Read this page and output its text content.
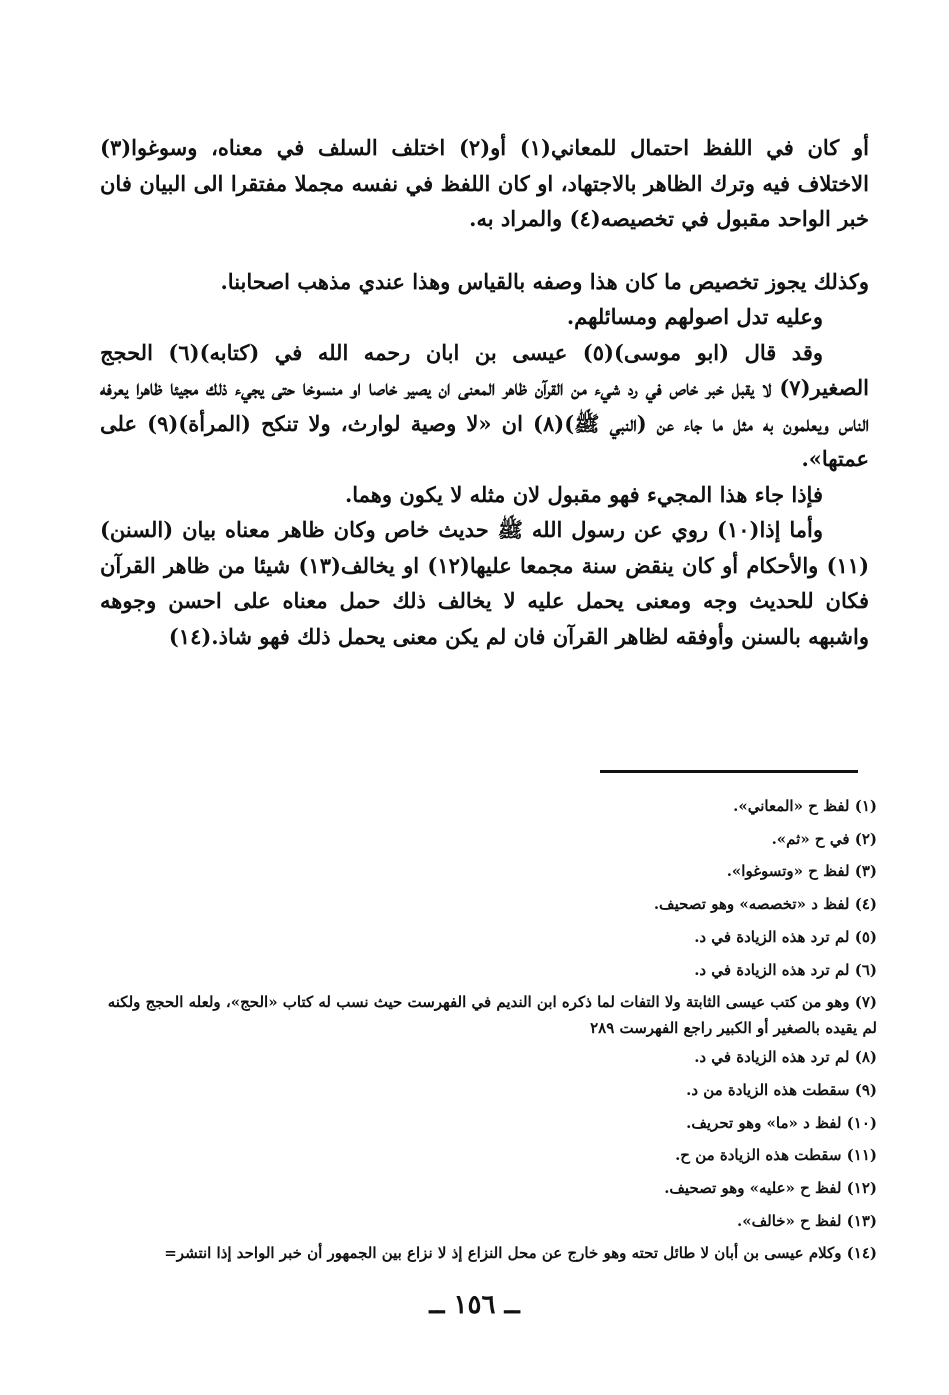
أو كان في اللفظ احتمال للمعاني(١) أو(٢) اختلف السلف في معناه، وسوغوا(٣) الاختلاف فيه وترك الظاهر بالاجتهاد، او كان اللفظ في نفسه مجملا مفتقرا الى البيان فان خبر الواحد مقبول في تخصيصه(٤) والمراد به.

وكذلك يجوز تخصيص ما كان هذا وصفه بالقياس وهذا عندي مذهب اصحابنا.

وعليه تدل اصولهم ومسائلهم.

وقد قال (ابو موسى)(٥) عيسى بن ابان رحمه الله في (كتابه)(٦) الحجج الصغير(٧) لا يقبل خبر خاص في رد شيء من القرآن ظاهر المعنى ان يصير خاصا او منسوخا حتى يجيء ذلك مجيئا ظاهرا يعرفه الناس ويعلمون به مثل ما جاء عن (النبي ﷺ)(٨) ان «لا وصية لوارث، ولا تنكح (المرأة)(٩) على عمتها».

فإذا جاء هذا المجيء فهو مقبول لان مثله لا يكون وهما.

وأما إذا(١٠) روي عن رسول الله ﷺ حديث خاص وكان ظاهر معناه بيان (السنن)(١١) والأحكام أو كان ينقض سنة مجمعا عليها(١٢) او يخالف(١٣) شيئا من ظاهر القرآن فكان للحديث وجه ومعنى يحمل عليه لا يخالف ذلك حمل معناه على احسن وجوهه واشبهه بالسنن وأوفقه لظاهر القرآن فان لم يكن معنى يحمل ذلك فهو شاذ.(١٤)

(١) لفظ ح «المعاني».

(٢) في ح «ثم».

(٣) لفظ ح «وتسوغوا».

(٤) لفظ د «تخصصه» وهو تصحيف.

(٥) لم ترد هذه الزيادة في د.

(٦) لم ترد هذه الزيادة في د.

(٧) وهو من كتب عيسى الثابتة ولا التفات لما ذكره ابن النديم في الفهرست حيث نسب له كتاب «الحج»، ولعله الحجج ولكنه لم يقيده بالصغير أو الكبير راجع الفهرست ٢٨٩

(٨) لم ترد هذه الزيادة في د.

(٩) سقطت هذه الزيادة من د.

(١٠) لفظ د «ما» وهو تحريف.

(١١) سقطت هذه الزيادة من ح.

(١٢) لفظ ح «عليه» وهو تصحيف.

(١٣) لفظ ح «خالف».

(١٤) وكلام عيسى بن أبان لا طائل تحته وهو خارج عن محل النزاع إذ لا نزاع بين الجمهور أن خبر الواحد إذا انتشر=

ــ ١٥٦ ــ
